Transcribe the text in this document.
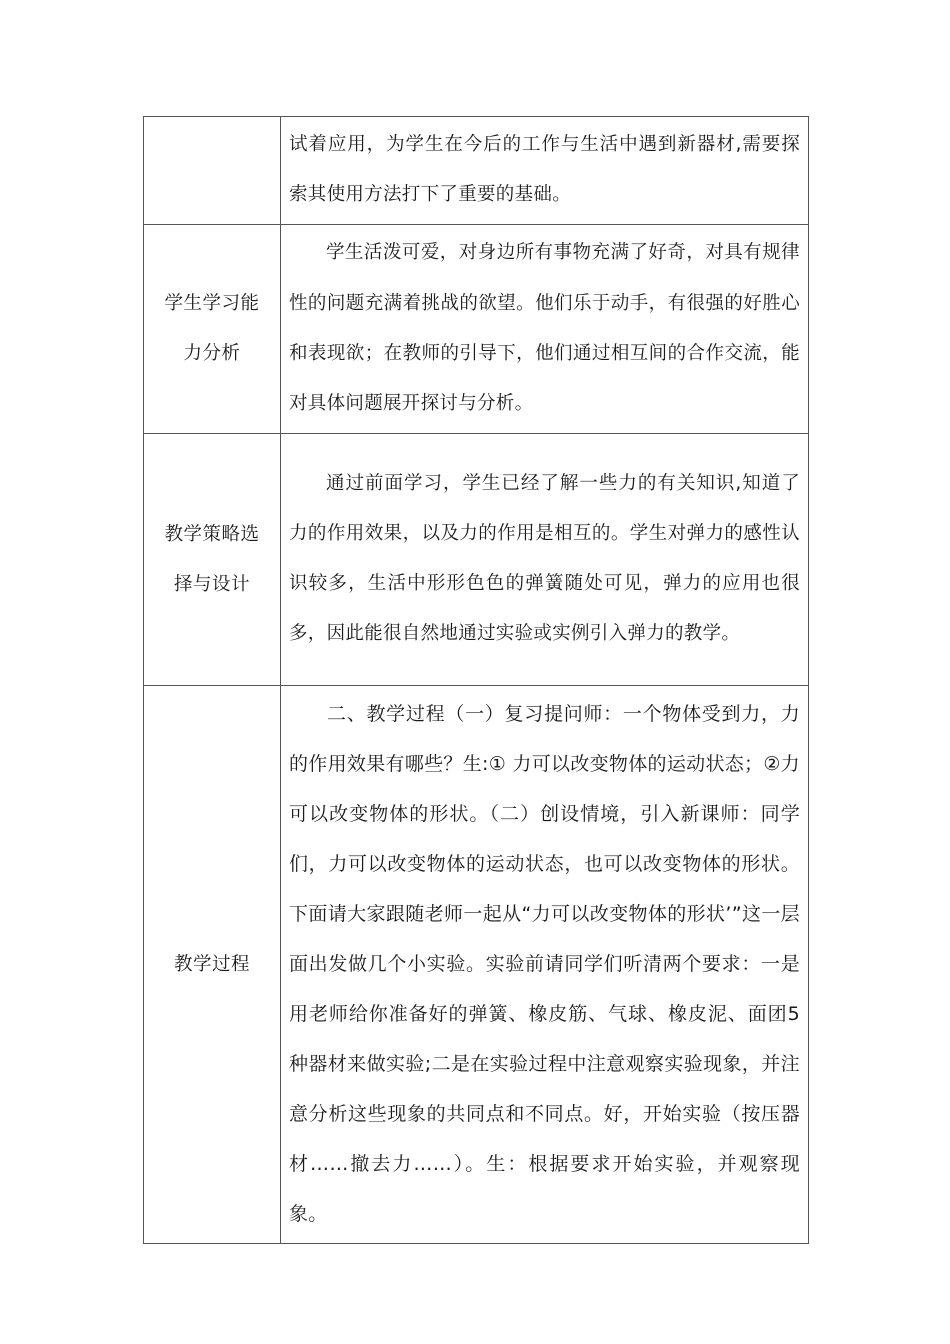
	试着应用，为学生在今后的工作与生活中遇到新器材,需要探索其使用方法打下了重要的基础。

学生学习能力分析	学生活泼可爱，对身边所有事物充满了好奇，对具有规律性的问题充满着挑战的欲望。他们乐于动手，有很强的好胜心和表现欲；在教师的引导下，他们通过相互间的合作交流，能对具体问题展开探讨与分析。

教学策略选择与设计	通过前面学习，学生已经了解一些力的有关知识,知道了力的作用效果，以及力的作用是相互的。学生对弹力的感性认识较多，生活中形形色色的弹簧随处可见，弹力的应用也很多，因此能很自然地通过实验或实例引入弹力的教学。

教学过程	二、教学过程（一）复习提问师：一个物体受到力，力的作用效果有哪些？生:① 力可以改变物体的运动状态；②力可以改变物体的形状。（二）创设情境，引入新课师：同学们，力可以改变物体的运动状态，也可以改变物体的形状。下面请大家跟随老师一起从“力可以改变物体的形状’”这一层面出发做几个小实验。实验前请同学们听清两个要求：一是用老师给你准备好的弹簧、橡皮筋、气球、橡皮泥、面团5种器材来做实验;二是在实验过程中注意观察实验现象，并注意分析这些现象的共同点和不同点。好，开始实验（按压器材……撤去力……）。生：根据要求开始实验，并观察现象。
